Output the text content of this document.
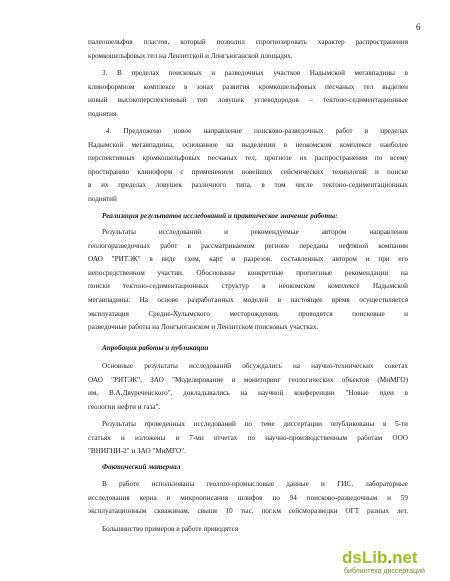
6
палеошельфов пластов, который позволил спрогнозировать характер распространения
кромкошельфовых тел на Лензитской и Лонгъюганской площадях.
3. В пределах поисковых и разведочных участков Надымской мегавпадины в
клиноформном комплексе в зонах развития кромкошельфовых песчаных тел выделен
новый высокоперспективный тип ловушек углеводородов – тектоно-седиментационные
поднятия.
4. Предложено новое направление поисково-разведочных работ в пределах
Надымской мегавпадины, основанное на выделении в неокомском комплексе наиболее
перспективных кромкошельфовых песчаных тел, прогнозе их распространения по всему
простиранию клиноформ с применением новейших сейсмических технологий и поиске
в их пределах ловушек различного типа, в том числе тектоно-седиментационных
поднятий
Реализация результатов исследований и практическое значение работы:
Результаты исследований и рекомендуемые автором направления
геологоразведочных работ в рассматриваемом регионе переданы нефтяной компании
ОАО "РИТЭК" в виде схем, карт и разрезов, составленных автором и при его
непосредственном участии. Обоснованы конкретные прогнозные рекомендации на
поиски тектоно-седиментационных структур в неокомском комплексе Надымской
мегавпадины. На основе разработанных моделей в настоящее время осуществляется
эксплуатация Средне-Хулымского месторождения, проводятся поисковые и
разведочные работы на Лонгъюганском и Лензитском поисковых участках.
Апробация работы и публикации
Основные результаты исследований обсуждались на научно-технических советах
ОАО "РИТЭК", ЗАО "Моделирование и мониторинг геологических объектов (МиМГО)
им. В.А.Двуреченского", докладывались на научной конференции "Новые идеи в
геологии нефти и газа".
Результаты проведенных исследований по теме диссертации опубликованы в 5-ти
статьях и изложены в 7-ми отчетах по научно-производственным работам ООО
"ВНИГНИ-2" и ЗАО "МиМГО".
Фактический материал
В работе использованы геолого-промысловые данные и ГИС, лабораторные
исследования керна и микроописания шлифов по 94 поисково-разведочным и 59
эксплуатационным скважинам, свыше 10 тыс. пог.км сейсморазведки ОГТ разных лет.
Большинство примеров в работе приводятся
dsLib.net
библиотека диссертаций
